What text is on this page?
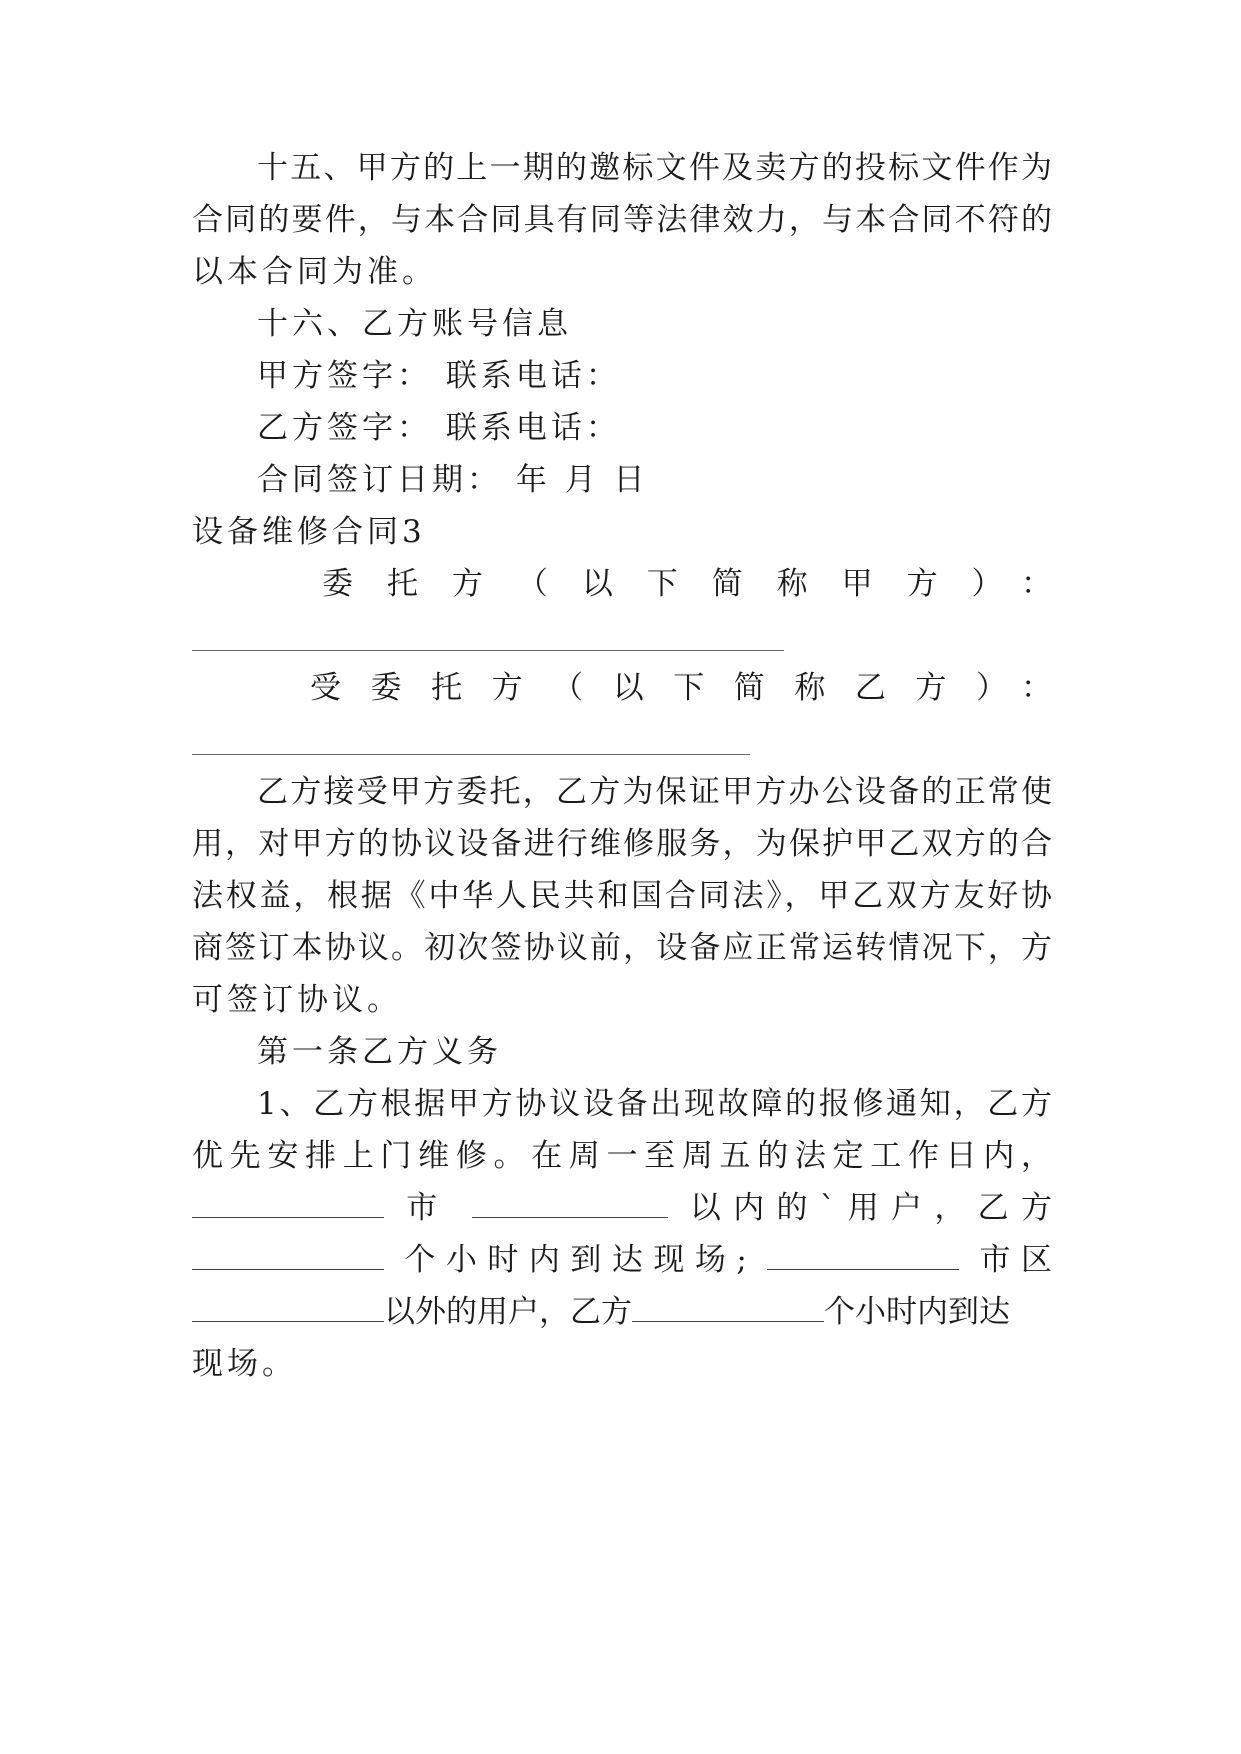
十五、甲方的上一期的邀标文件及卖方的投标文件作为
合同的要件，与本合同具有同等法律效力，与本合同不符的
以本合同为准。
十六、乙方账号信息
甲方签字： 联系电话：
乙方签字： 联系电话：
合同签订日期： 年 月 日
设备维修合同3
委托方（以下简称甲方）：
受委托方（以下简称乙方）：
乙方接受甲方委托，乙方为保证甲方办公设备的正常使
用，对甲方的协议设备进行维修服务，为保护甲乙双方的合
法权益，根据《中华人民共和国合同法》，甲乙双方友好协
商签订本协议。初次签协议前，设备应正常运转情况下，方
可签订协议。
第一条乙方义务
1、乙方根据甲方协议设备出现故障的报修通知，乙方
优先安排上门维修。在周一至周五的法定工作日内，
市	以内的`用户，乙方
个小时内到达现场;	市区
以外的用户，乙方	个小时内到达
现场。
